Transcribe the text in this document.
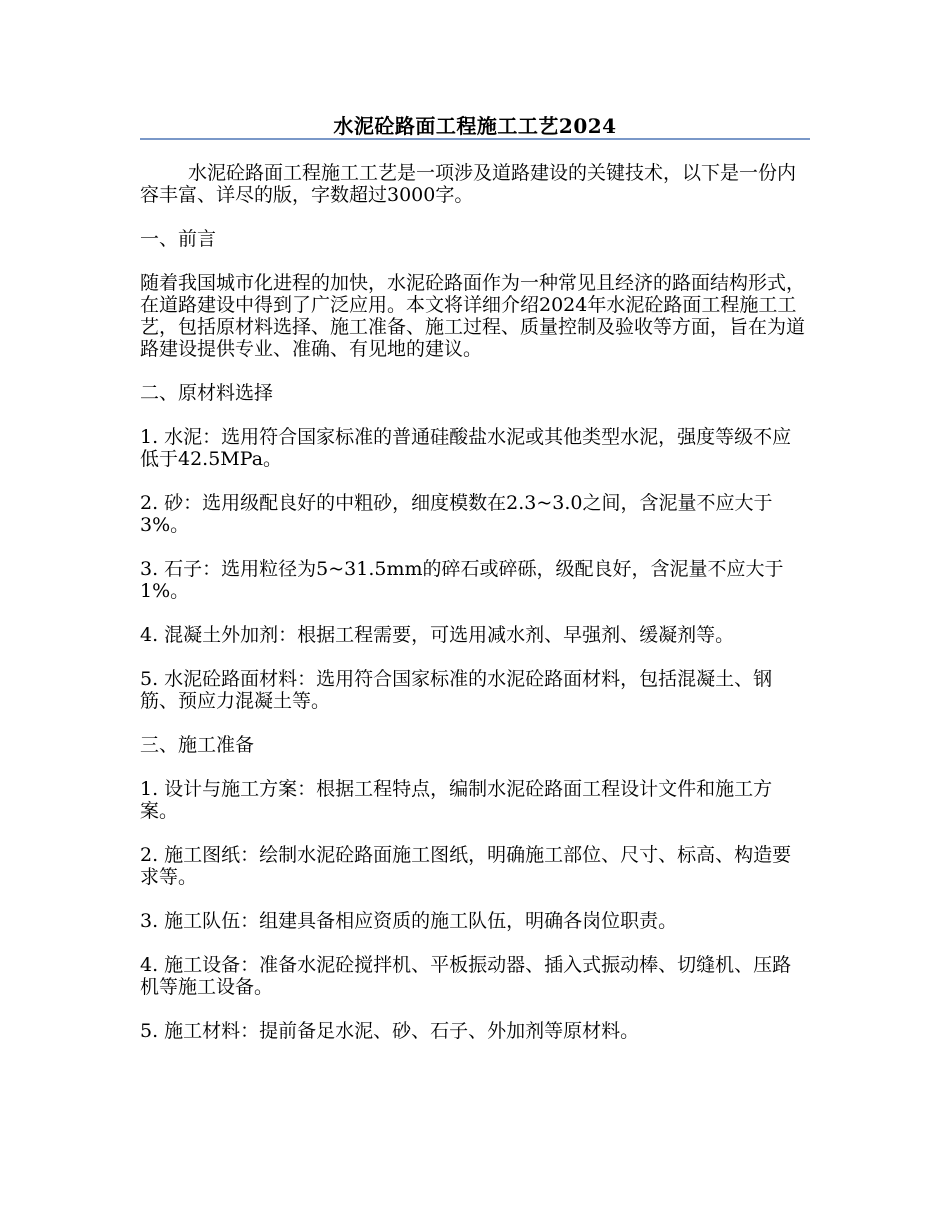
水泥砼路面工程施工工艺2024

水泥砼路面工程施工工艺是一项涉及道路建设的关键技术，以下是一份内容丰富、详尽的版，字数超过3000字。

一、前言

随着我国城市化进程的加快，水泥砼路面作为一种常见且经济的路面结构形式，在道路建设中得到了广泛应用。本文将详细介绍2024年水泥砼路面工程施工工艺，包括原材料选择、施工准备、施工过程、质量控制及验收等方面，旨在为道路建设提供专业、准确、有见地的建议。

二、原材料选择

1. 水泥：选用符合国家标准的普通硅酸盐水泥或其他类型水泥，强度等级不应低于42.5MPa。

2. 砂：选用级配良好的中粗砂，细度模数在2.3~3.0之间，含泥量不应大于3%。

3. 石子：选用粒径为5~31.5mm的碎石或碎砾，级配良好，含泥量不应大于1%。

4. 混凝土外加剂：根据工程需要，可选用减水剂、早强剂、缓凝剂等。

5. 水泥砼路面材料：选用符合国家标准的水泥砼路面材料，包括混凝土、钢筋、预应力混凝土等。

三、施工准备

1. 设计与施工方案：根据工程特点，编制水泥砼路面工程设计文件和施工方案。

2. 施工图纸：绘制水泥砼路面施工图纸，明确施工部位、尺寸、标高、构造要求等。

3. 施工队伍：组建具备相应资质的施工队伍，明确各岗位职责。

4. 施工设备：准备水泥砼搅拌机、平板振动器、插入式振动棒、切缝机、压路机等施工设备。

5. 施工材料：提前备足水泥、砂、石子、外加剂等原材料。
